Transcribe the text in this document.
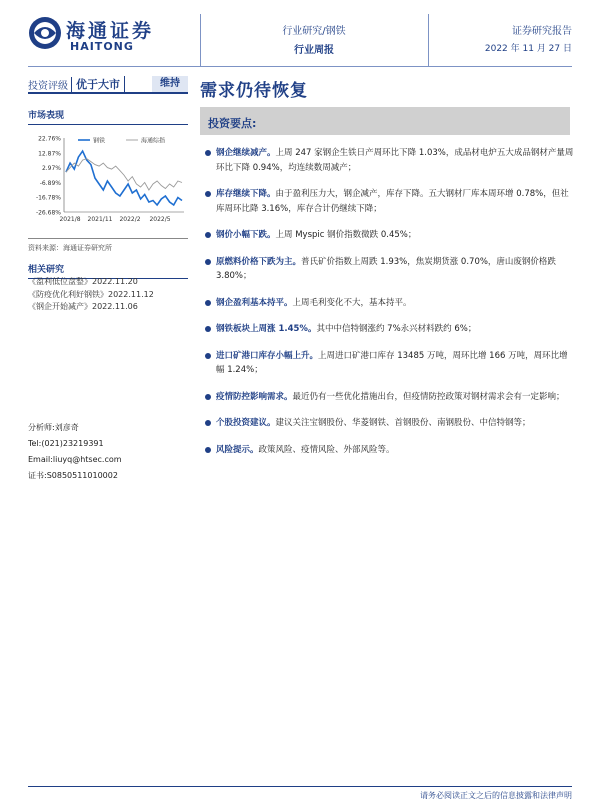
海通证券
HAITONG
行业研究/钢铁
行业周报
证券研究报告
2022 年 11 月 27 日
投资评级 优于大市	维持	需求仍待恢复
市场表现
22.76%
12.87%
2.97%
-6.89%
-16.78%
-26.68%
2021/8 2021/11 2022/2 2022/5
钢铁	海通综指
资料来源：海通证券研究所
相关研究
《盈利低位盘整》2022.11.20
《防疫优化利好钢铁》2022.11.12
《钢企开始减产》2022.11.06
分析师:刘彦奇
Tel:(021)23219391
Email:liuyq@htsec.com
证书:S0850511010002
投资要点:
钢企继续减产。上周 247 家钢企生铁日产周环比下降 1.03%，成品材电炉五大成品钢材产量周环比下降 0.94%，均连续数周减产；
库存继续下降。由于盈利压力大，钢企减产，库存下降。五大钢材厂库本周环增 0.78%，但社库周环比降 3.16%，库存合计仍继续下降；
钢价小幅下跌。上周 Myspic 钢价指数微跌 0.45%；
原燃料价格下跌为主。普氏矿价指数上周跌 1.93%，焦炭期货涨 0.70%，唐山废钢价格跌 3.80%；
钢企盈利基本持平。上周毛利变化不大，基本持平。
钢铁板块上周涨 1.45%。其中中信特钢涨约 7%永兴材料跌约 6%；
进口矿港口库存小幅上升。上周进口矿港口库存 13485 万吨，周环比增 166 万吨，周环比增幅 1.24%；
疫情防控影响需求。最近仍有一些优化措施出台，但疫情防控政策对钢材需求会有一定影响；
个股投资建议。建议关注宝钢股份、华菱钢铁、首钢股份、南钢股份、中信特钢等；
风险提示。政策风险、疫情风险、外部风险等。
请务必阅读正文之后的信息披露和法律声明
